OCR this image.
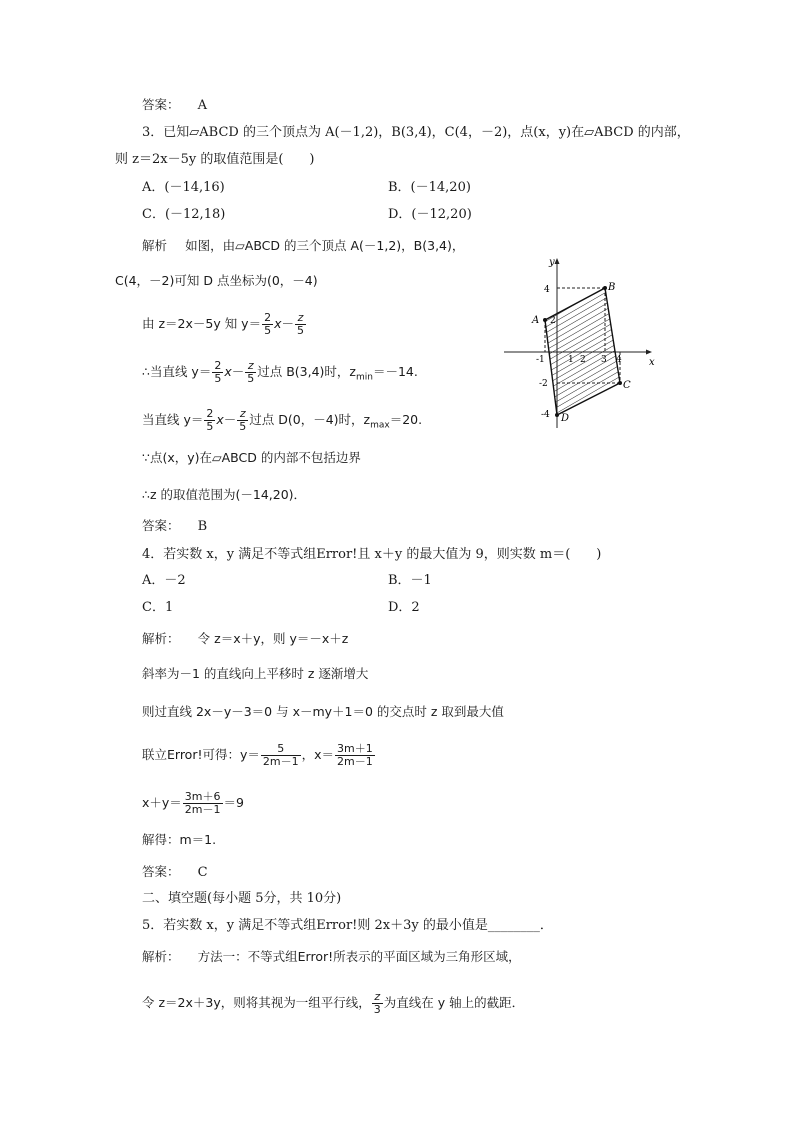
答案： A
3．已知▱ABCD 的三个顶点为 A(－1,2)，B(3,4)，C(4，－2)，点(x，y)在▱ABCD 的内部，
则 z＝2x－5y 的取值范围是(　　)
A．(－14,16)	B．(－14,20)
C．(－12,18)	D．(－12,20)
解析 如图，由▱ABCD 的三个顶点 A(－1,2)，B(3,4)，
C(4，－2)可知 D 点坐标为(0，－4)
由 z＝2x－5y 知 $y= \frac{2}{5} x- \frac{z}{5}$
∴当直线 $y= \frac{2}{5} x- \frac{z}{5}$ 过点 B(3,4)时，$z_{min}=-14$.
当直线 $y= \frac{2}{5} x- \frac{z}{5}$ 过点 D(0，－4)时，$z_{max}=20$.
∵点(x，y)在▱ABCD 的内部不包括边界
∴z 的取值范围为(－14,20)．
答案： B
x
y
A
B
C
D
-1	1 2 3 4
4
2
-2
-4
4．若实数 x，y 满足不等式组Error!且 x＋y 的最大值为 9，则实数 m＝(　　)
A．－2	B．－1
C．1	D．2
解析： 令 z＝x＋y，则 y＝－x＋z
斜率为－1 的直线向上平移时 z 逐渐增大
则过直线 2x－y－3＝0 与 x－my＋1＝0 的交点时 z 取到最大值
联立Error!可得：$y= \frac{5}{2m-1}$ ，$x= \frac{3m+1}{2m-1}$
$x+y= \frac{3m+6}{2m-1} =9$
解得：m＝1.
答案： C
二、填空题(每小题 5分，共 10分)
5．若实数 x，y 满足不等式组Error!则 2x＋3y 的最小值是________．
解析： 方法一：不等式组Error!所表示的平面区域为三角形区域，
令 z＝2x＋3y，则将其视为一组平行线， $\frac{z}{3}$ 为直线在 y 轴上的截距．
